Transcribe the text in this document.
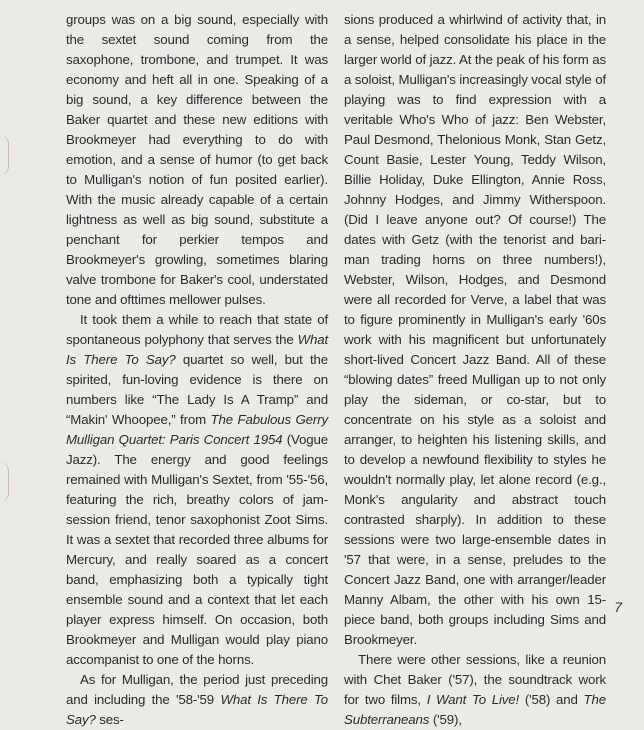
groups was on a big sound, especially with the sextet sound coming from the saxophone, trombone, and trumpet. It was economy and heft all in one. Speaking of a big sound, a key difference between the Baker quartet and these new editions with Brookmeyer had everything to do with emotion, and a sense of humor (to get back to Mulligan's notion of fun posited earlier). With the music already capable of a certain lightness as well as big sound, substitute a penchant for perkier tempos and Brookmeyer's growling, sometimes blaring valve trombone for Baker's cool, understated tone and ofttimes mellower pulses.

It took them a while to reach that state of spontaneous polyphony that serves the What Is There To Say? quartet so well, but the spirited, fun-loving evidence is there on numbers like “The Lady Is A Tramp” and “Makin' Whoopee,” from The Fabulous Gerry Mulligan Quartet: Paris Concert 1954 (Vogue Jazz). The energy and good feelings remained with Mulligan's Sextet, from '55-'56, featuring the rich, breathy colors of jam-session friend, tenor saxophonist Zoot Sims. It was a sextet that recorded three albums for Mercury, and really soared as a concert band, emphasizing both a typically tight ensemble sound and a context that let each player express himself. On occasion, both Brookmeyer and Mulligan would play piano accompanist to one of the horns.

As for Mulligan, the period just preceding and including the '58-'59 What Is There To Say? ses-

sions produced a whirlwind of activity that, in a sense, helped consolidate his place in the larger world of jazz. At the peak of his form as a soloist, Mulligan's increasingly vocal style of playing was to find expression with a veritable Who's Who of jazz: Ben Webster, Paul Desmond, Thelonious Monk, Stan Getz, Count Basie, Lester Young, Teddy Wilson, Billie Holiday, Duke Ellington, Annie Ross, Johnny Hodges, and Jimmy Witherspoon. (Did I leave anyone out? Of course!) The dates with Getz (with the tenorist and bari-man trading horns on three numbers!), Webster, Wilson, Hodges, and Desmond were all recorded for Verve, a label that was to figure prominently in Mulligan's early '60s work with his magnificent but unfortunately short-lived Concert Jazz Band. All of these “blowing dates” freed Mulligan up to not only play the sideman, or co-star, but to concentrate on his style as a soloist and arranger, to heighten his listening skills, and to develop a newfound flexibility to styles he wouldn't normally play, let alone record (e.g., Monk's angularity and abstract touch contrasted sharply). In addition to these sessions were two large-ensemble dates in '57 that were, in a sense, preludes to the Concert Jazz Band, one with arranger/leader Manny Albam, the other with his own 15-piece band, both groups including Sims and Brookmeyer.

There were other sessions, like a reunion with Chet Baker ('57), the soundtrack work for two films, I Want To Live! ('58) and The Subterraneans ('59),

7
